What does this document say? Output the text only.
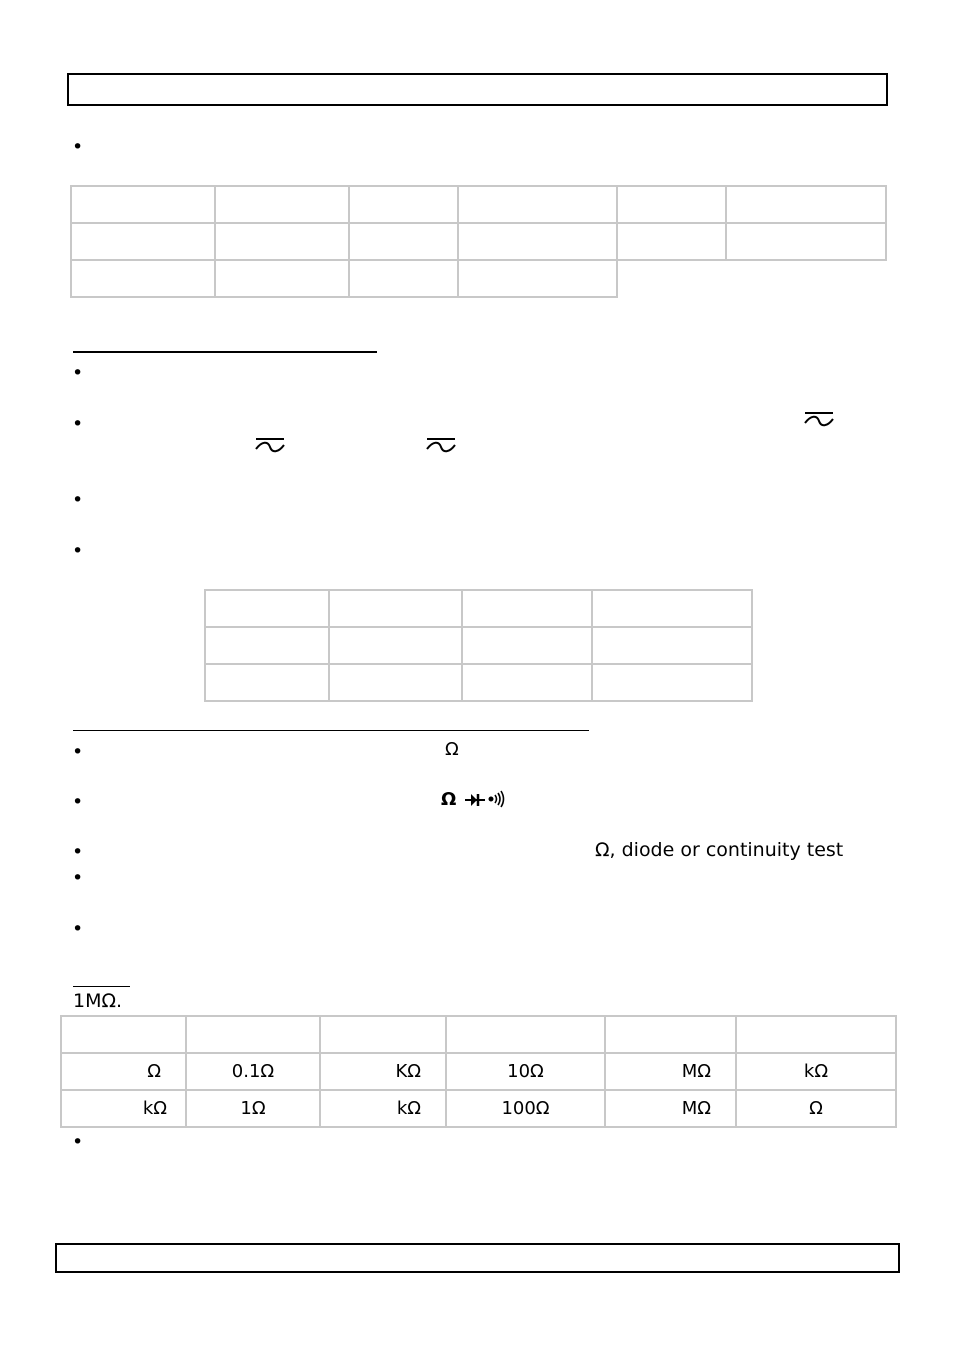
•

•
•
•
•

•	Ω
•	Ω
•	Ω, diode or continuity test
•
•
1MΩ.

Ω	0.1Ω	KΩ	10Ω	MΩ	kΩ
kΩ	1Ω	kΩ	100Ω	MΩ	Ω
•
